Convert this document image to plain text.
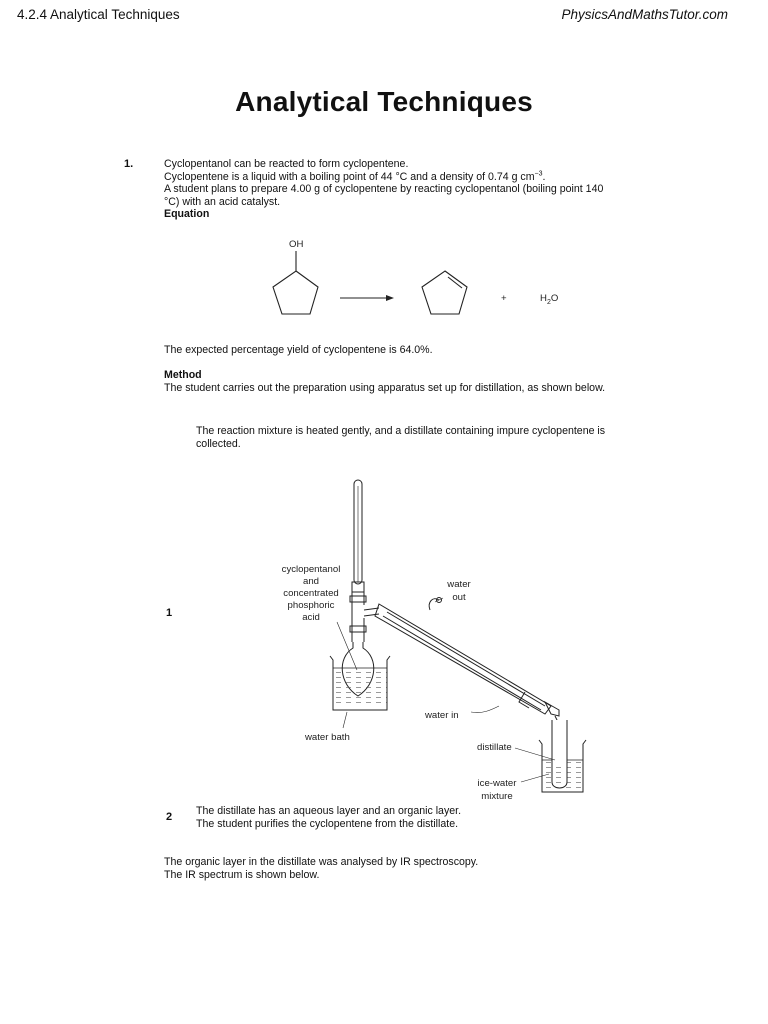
4.2.4 Analytical Techniques	PhysicsAndMathsTutor.com
Analytical Techniques
1.	Cyclopentanol can be reacted to form cyclopentene.
Cyclopentene is a liquid with a boiling point of 44 °C and a density of 0.74 g $cm^{-3}$.
A student plans to prepare 4.00 g of cyclopentene by reacting cyclopentanol (boiling point 140
°C) with an acid catalyst.
Equation
OH
+	$H_2O$
The expected percentage yield of cyclopentene is 64.0%.
Method
The student carries out the preparation using apparatus set up for distillation, as shown below.
The reaction mixture is heated gently, and a distillate containing impure cyclopentene is
collected.
1
cyclopentanol
and
concentrated
phosphoric
acid
water
out
water in
water bath
distillate
ice-water
mixture
2 The distillate has an aqueous layer and an organic layer.
The student purifies the cyclopentene from the distillate.
The organic layer in the distillate was analysed by IR spectroscopy.
The IR spectrum is shown below.
